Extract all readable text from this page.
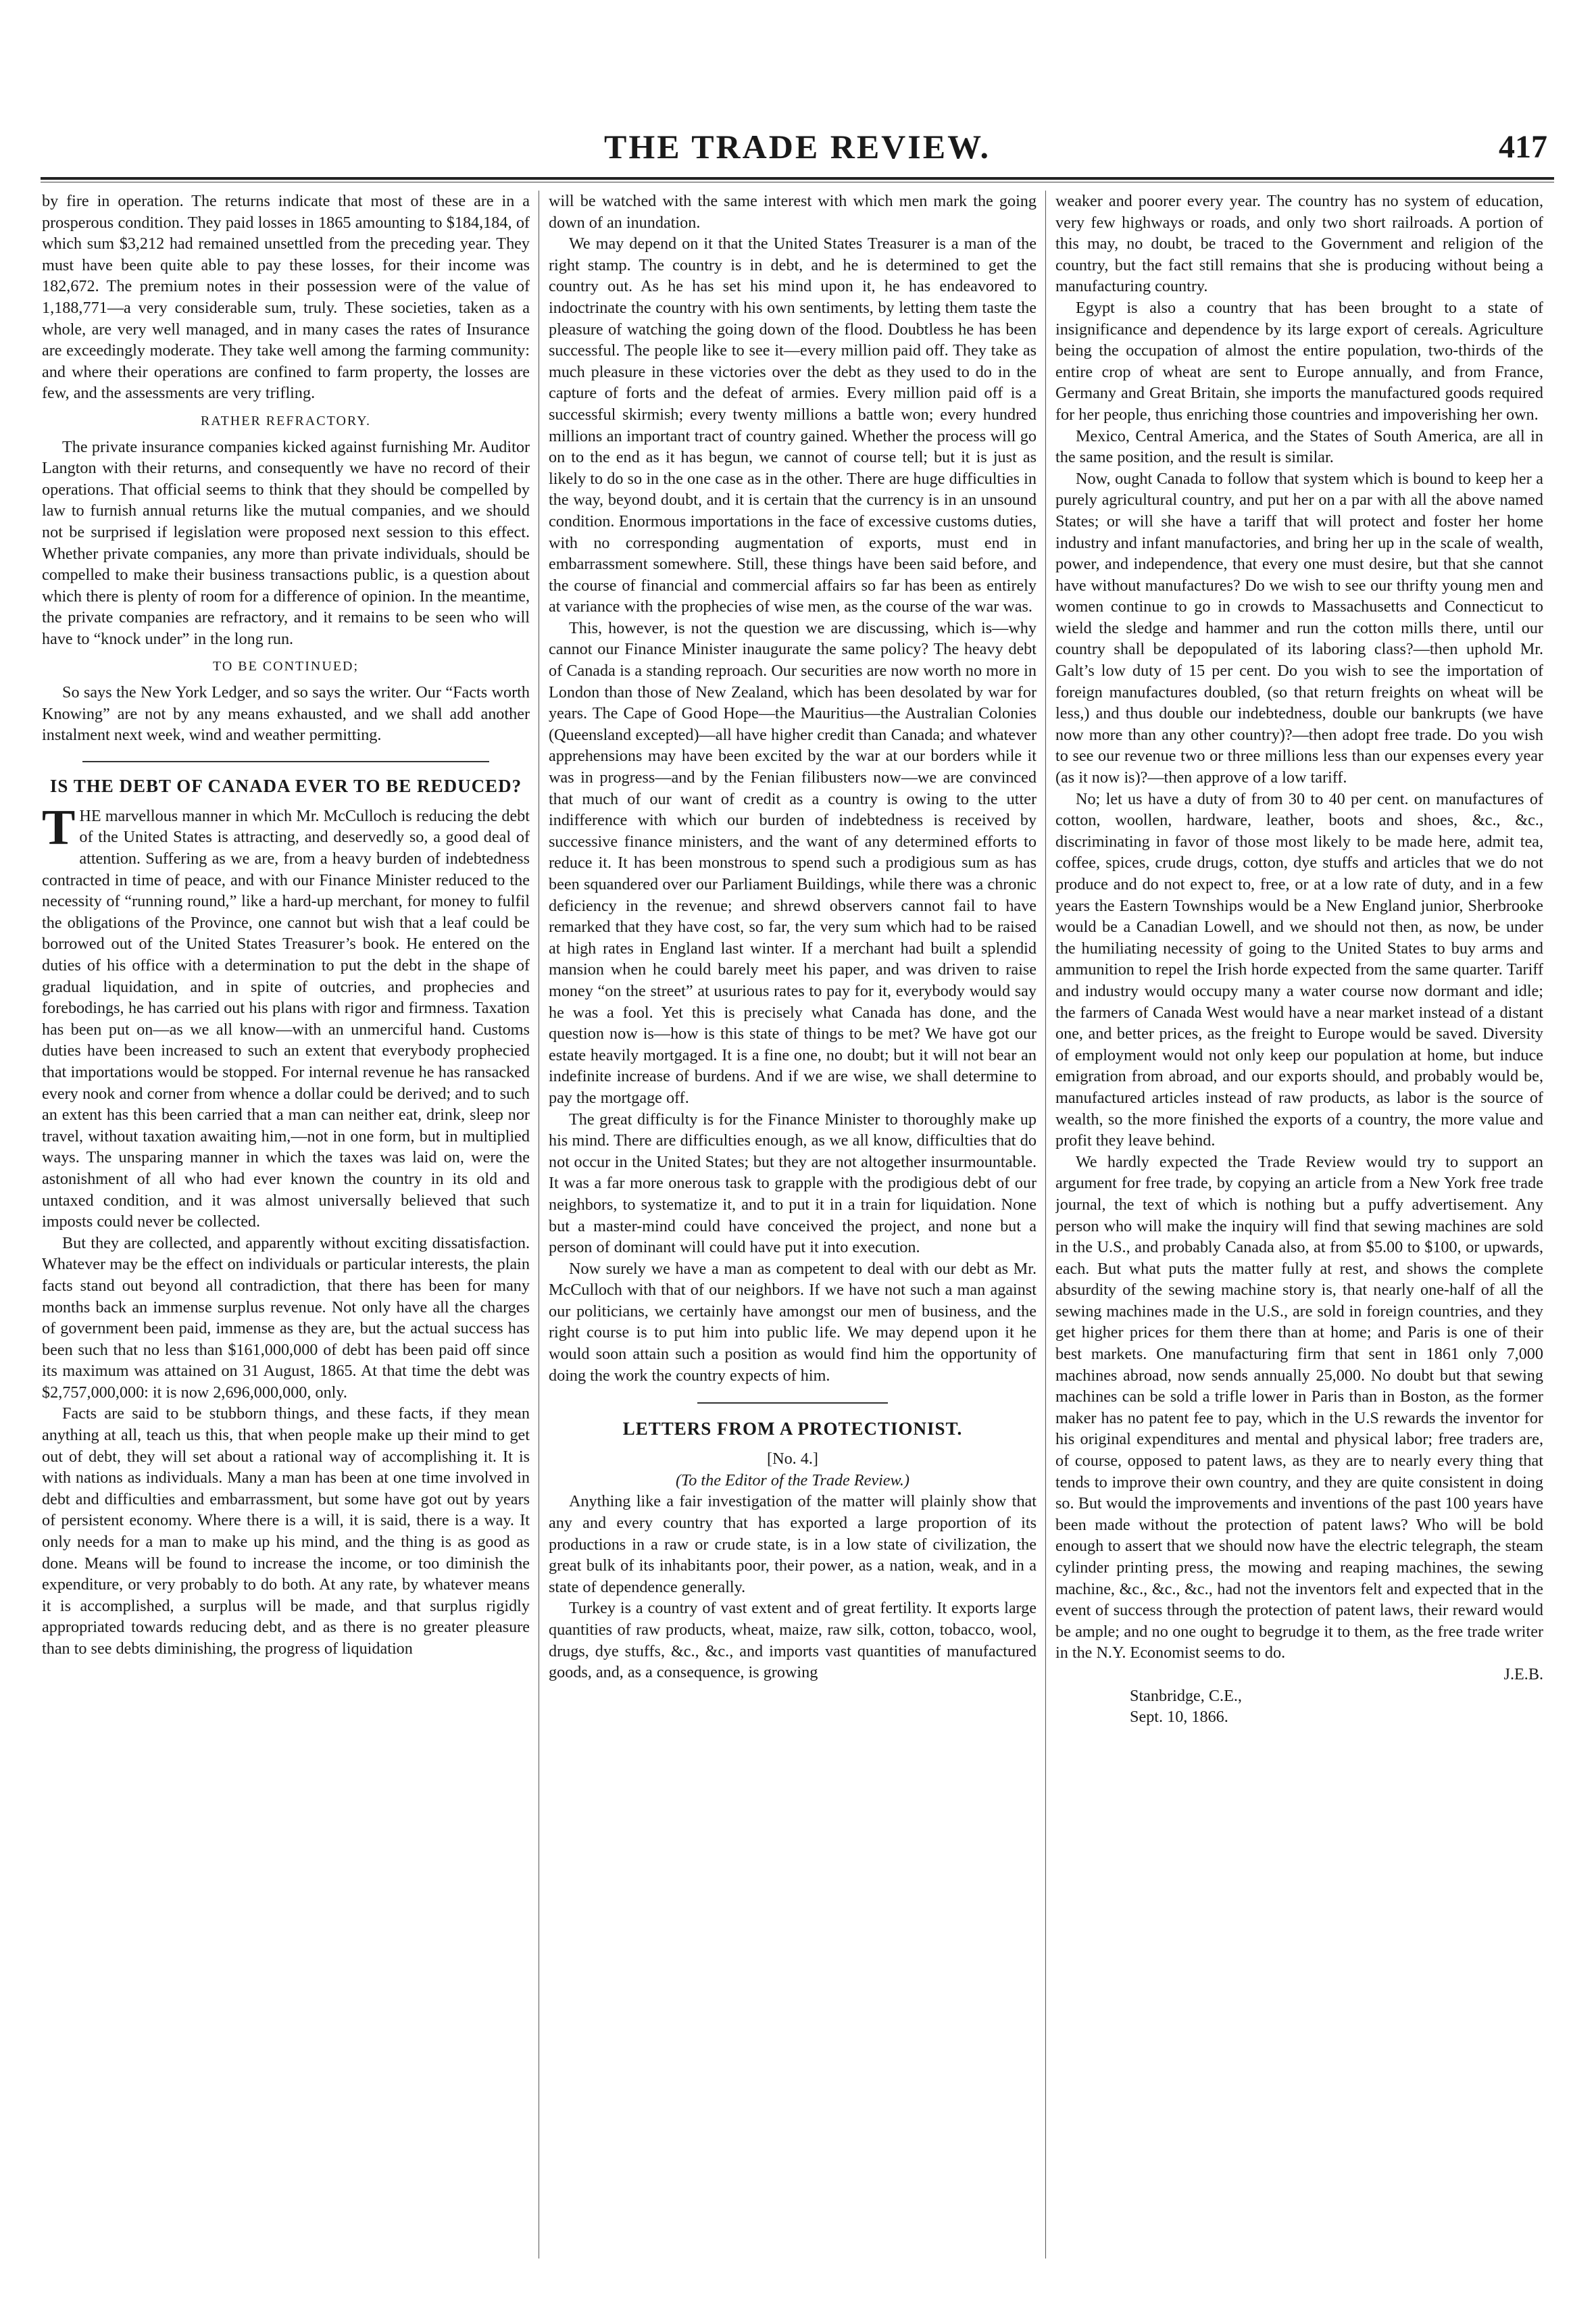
THE TRADE REVIEW.	417

by fire in operation. The returns indicate that most of these are in a prosperous condition. They paid losses in 1865 amounting to $184,184, of which sum $3,212 had remained unsettled from the preceding year. They must have been quite able to pay these losses, for their income was 182,672. The premium notes in their possession were of the value of 1,188,771—a very considerable sum, truly. These societies, taken as a whole, are very well managed, and in many cases the rates of Insurance are exceedingly moderate. They take well among the farming community: and where their operations are confined to farm property, the losses are few, and the assessments are very trifling.

RATHER REFRACTORY.

The private insurance companies kicked against furnishing Mr. Auditor Langton with their returns, and consequently we have no record of their operations. That official seems to think that they should be compelled by law to furnish annual returns like the mutual companies, and we should not be surprised if legislation were proposed next session to this effect. Whether private companies, any more than private individuals, should be compelled to make their business transactions public, is a question about which there is plenty of room for a difference of opinion. In the meantime, the private companies are refractory, and it remains to be seen who will have to “knock under” in the long run.

TO BE CONTINUED;

So says the New York Ledger, and so says the writer. Our “Facts worth Knowing” are not by any means exhausted, and we shall add another instalment next week, wind and weather permitting.

IS THE DEBT OF CANADA EVER TO BE REDUCED?

THE marvellous manner in which Mr. McCulloch is reducing the debt of the United States is attracting, and deservedly so, a good deal of attention. Suffering as we are, from a heavy burden of indebtedness contracted in time of peace, and with our Finance Minister reduced to the necessity of “running round,” like a hard-up merchant, for money to fulfil the obligations of the Province, one cannot but wish that a leaf could be borrowed out of the United States Treasurer’s book. He entered on the duties of his office with a determination to put the debt in the shape of gradual liquidation, and in spite of outcries, and prophecies and forebodings, he has carried out his plans with rigor and firmness. Taxation has been put on—as we all know—with an unmerciful hand. Customs duties have been increased to such an extent that everybody prophecied that importations would be stopped. For internal revenue he has ransacked every nook and corner from whence a dollar could be derived; and to such an extent has this been carried that a man can neither eat, drink, sleep nor travel, without taxation awaiting him,—not in one form, but in multiplied ways. The unsparing manner in which the taxes was laid on, were the astonishment of all who had ever known the country in its old and untaxed condition, and it was almost universally believed that such imposts could never be collected.

But they are collected, and apparently without exciting dissatisfaction. Whatever may be the effect on individuals or particular interests, the plain facts stand out beyond all contradiction, that there has been for many months back an immense surplus revenue. Not only have all the charges of government been paid, immense as they are, but the actual success has been such that no less than $161,000,000 of debt has been paid off since its maximum was attained on 31 August, 1865. At that time the debt was $2,757,000,000: it is now 2,696,000,000, only.

Facts are said to be stubborn things, and these facts, if they mean anything at all, teach us this, that when people make up their mind to get out of debt, they will set about a rational way of accomplishing it. It is with nations as individuals. Many a man has been at one time involved in debt and difficulties and embarrassment, but some have got out by years of persistent economy. Where there is a will, it is said, there is a way. It only needs for a man to make up his mind, and the thing is as good as done. Means will be found to increase the income, or too diminish the expenditure, or very probably to do both. At any rate, by whatever means it is accomplished, a surplus will be made, and that surplus rigidly appropriated towards reducing debt, and as there is no greater pleasure than to see debts diminishing, the progress of liquidation

will be watched with the same interest with which men mark the going down of an inundation.

We may depend on it that the United States Treasurer is a man of the right stamp. The country is in debt, and he is determined to get the country out. As he has set his mind upon it, he has endeavored to indoctrinate the country with his own sentiments, by letting them taste the pleasure of watching the going down of the flood. Doubtless he has been successful. The people like to see it—every million paid off. They take as much pleasure in these victories over the debt as they used to do in the capture of forts and the defeat of armies. Every million paid off is a successful skirmish; every twenty millions a battle won; every hundred millions an important tract of country gained. Whether the process will go on to the end as it has begun, we cannot of course tell; but it is just as likely to do so in the one case as in the other. There are huge difficulties in the way, beyond doubt, and it is certain that the currency is in an unsound condition. Enormous importations in the face of excessive customs duties, with no corresponding augmentation of exports, must end in embarrassment somewhere. Still, these things have been said before, and the course of financial and commercial affairs so far has been as entirely at variance with the prophecies of wise men, as the course of the war was.

This, however, is not the question we are discussing, which is—why cannot our Finance Minister inaugurate the same policy? The heavy debt of Canada is a standing reproach. Our securities are now worth no more in London than those of New Zealand, which has been desolated by war for years. The Cape of Good Hope—the Mauritius—the Australian Colonies (Queensland excepted)—all have higher credit than Canada; and whatever apprehensions may have been excited by the war at our borders while it was in progress—and by the Fenian filibusters now—we are convinced that much of our want of credit as a country is owing to the utter indifference with which our burden of indebtedness is received by successive finance ministers, and the want of any determined efforts to reduce it. It has been monstrous to spend such a prodigious sum as has been squandered over our Parliament Buildings, while there was a chronic deficiency in the revenue; and shrewd observers cannot fail to have remarked that they have cost, so far, the very sum which had to be raised at high rates in England last winter. If a merchant had built a splendid mansion when he could barely meet his paper, and was driven to raise money “on the street” at usurious rates to pay for it, everybody would say he was a fool. Yet this is precisely what Canada has done, and the question now is—how is this state of things to be met? We have got our estate heavily mortgaged. It is a fine one, no doubt; but it will not bear an indefinite increase of burdens. And if we are wise, we shall determine to pay the mortgage off.

The great difficulty is for the Finance Minister to thoroughly make up his mind. There are difficulties enough, as we all know, difficulties that do not occur in the United States; but they are not altogether insurmountable. It was a far more onerous task to grapple with the prodigious debt of our neighbors, to systematize it, and to put it in a train for liquidation. None but a master-mind could have conceived the project, and none but a person of dominant will could have put it into execution.

Now surely we have a man as competent to deal with our debt as Mr. McCulloch with that of our neighbors. If we have not such a man against our politicians, we certainly have amongst our men of business, and the right course is to put him into public life. We may depend upon it he would soon attain such a position as would find him the opportunity of doing the work the country expects of him.

LETTERS FROM A PROTECTIONIST.

[No. 4.]

(To the Editor of the Trade Review.)

Anything like a fair investigation of the matter will plainly show that any and every country that has exported a large proportion of its productions in a raw or crude state, is in a low state of civilization, the great bulk of its inhabitants poor, their power, as a nation, weak, and in a state of dependence generally.

Turkey is a country of vast extent and of great fertility. It exports large quantities of raw products, wheat, maize, raw silk, cotton, tobacco, wool, drugs, dye stuffs, &c., &c., and imports vast quantities of manufactured goods, and, as a consequence, is growing

weaker and poorer every year. The country has no system of education, very few highways or roads, and only two short railroads. A portion of this may, no doubt, be traced to the Government and religion of the country, but the fact still remains that she is producing without being a manufacturing country.

Egypt is also a country that has been brought to a state of insignificance and dependence by its large export of cereals. Agriculture being the occupation of almost the entire population, two-thirds of the entire crop of wheat are sent to Europe annually, and from France, Germany and Great Britain, she imports the manufactured goods required for her people, thus enriching those countries and impoverishing her own.

Mexico, Central America, and the States of South America, are all in the same position, and the result is similar.

Now, ought Canada to follow that system which is bound to keep her a purely agricultural country, and put her on a par with all the above named States; or will she have a tariff that will protect and foster her home industry and infant manufactories, and bring her up in the scale of wealth, power, and independence, that every one must desire, but that she cannot have without manufactures? Do we wish to see our thrifty young men and women continue to go in crowds to Massachusetts and Connecticut to wield the sledge and hammer and run the cotton mills there, until our country shall be depopulated of its laboring class?—then uphold Mr. Galt’s low duty of 15 per cent. Do you wish to see the importation of foreign manufactures doubled, (so that return freights on wheat will be less,) and thus double our indebtedness, double our bankrupts (we have now more than any other country)?—then adopt free trade. Do you wish to see our revenue two or three millions less than our expenses every year (as it now is)?—then approve of a low tariff.

No; let us have a duty of from 30 to 40 per cent. on manufactures of cotton, woollen, hardware, leather, boots and shoes, &c., &c., discriminating in favor of those most likely to be made here, admit tea, coffee, spices, crude drugs, cotton, dye stuffs and articles that we do not produce and do not expect to, free, or at a low rate of duty, and in a few years the Eastern Townships would be a New England junior, Sherbrooke would be a Canadian Lowell, and we should not then, as now, be under the humiliating necessity of going to the United States to buy arms and ammunition to repel the Irish horde expected from the same quarter. Tariff and industry would occupy many a water course now dormant and idle; the farmers of Canada West would have a near market instead of a distant one, and better prices, as the freight to Europe would be saved. Diversity of employment would not only keep our population at home, but induce emigration from abroad, and our exports should, and probably would be, manufactured articles instead of raw products, as labor is the source of wealth, so the more finished the exports of a country, the more value and profit they leave behind.

We hardly expected the Trade Review would try to support an argument for free trade, by copying an article from a New York free trade journal, the text of which is nothing but a puffy advertisement. Any person who will make the inquiry will find that sewing machines are sold in the U.S., and probably Canada also, at from $5.00 to $100, or upwards, each. But what puts the matter fully at rest, and shows the complete absurdity of the sewing machine story is, that nearly one-half of all the sewing machines made in the U.S., are sold in foreign countries, and they get higher prices for them there than at home; and Paris is one of their best markets. One manufacturing firm that sent in 1861 only 7,000 machines abroad, now sends annually 25,000. No doubt but that sewing machines can be sold a trifle lower in Paris than in Boston, as the former maker has no patent fee to pay, which in the U.S rewards the inventor for his original expenditures and mental and physical labor; free traders are, of course, opposed to patent laws, as they are to nearly every thing that tends to improve their own country, and they are quite consistent in doing so. But would the improvements and inventions of the past 100 years have been made without the protection of patent laws? Who will be bold enough to assert that we should now have the electric telegraph, the steam cylinder printing press, the mowing and reaping machines, the sewing machine, &c., &c., &c., had not the inventors felt and expected that in the event of success through the protection of patent laws, their reward would be ample; and no one ought to begrudge it to them, as the free trade writer in the N.Y. Economist seems to do.

J.E.B.

Stanbridge, C.E.,

Sept. 10, 1866.
